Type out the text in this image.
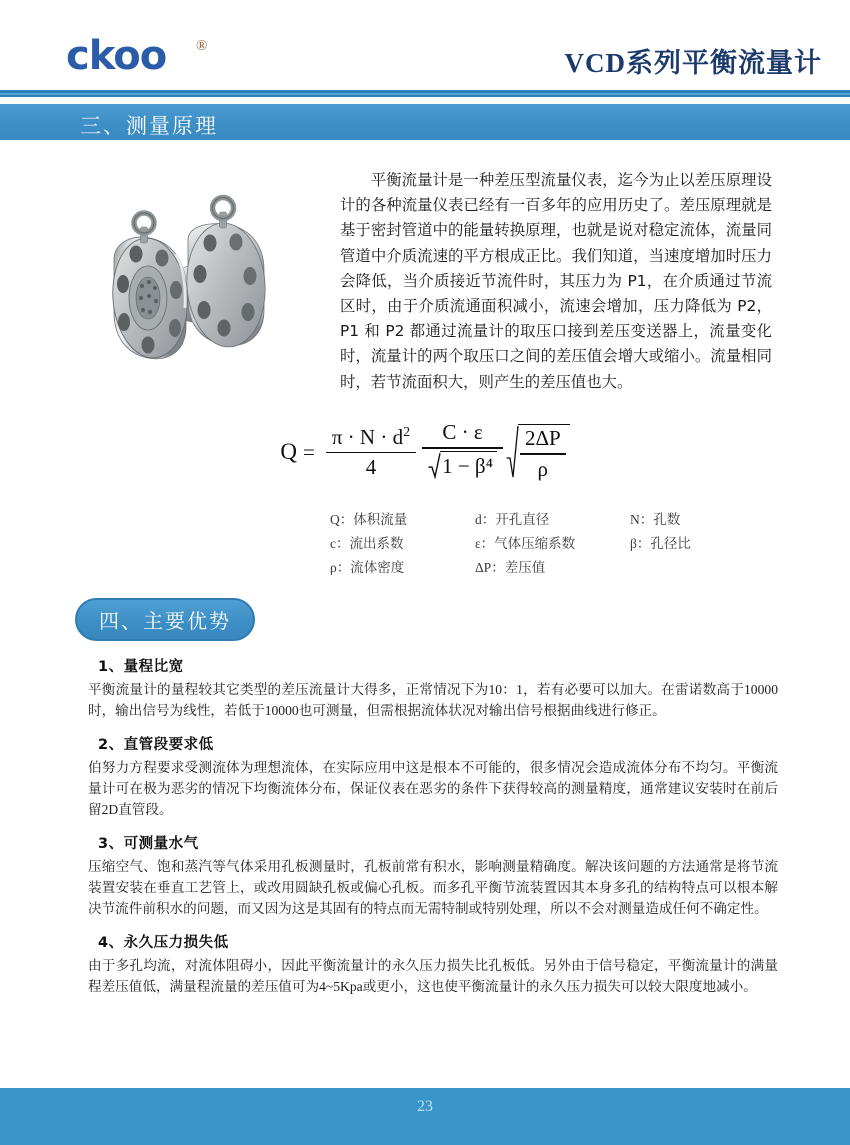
ckoo ®
VCD系列平衡流量计
三、测量原理
平衡流量计是一种差压型流量仪表，迄今为止以差压原理设计的各种流量仪表已经有一百多年的应用历史了。差压原理就是基于密封管道中的能量转换原理，也就是说对稳定流体，流量同管道中介质流速的平方根成正比。我们知道，当速度增加时压力会降低，当介质接近节流件时，其压力为 P1，在介质通过节流区时，由于介质流通面积减小，流速会增加，压力降低为 P2，P1 和 P2 都通过流量计的取压口接到差压变送器上，流量变化时，流量计的两个取压口之间的差压值会增大或缩小。流量相同时，若节流面积大，则产生的差压值也大。
$Q = \frac{\pi \cdot N \cdot d^2}{4} \frac{C \cdot \varepsilon}{\text{1 − β⁴}} \frac{2\Delta P}{\rho}$
Q：体积流量	d：开孔直径	N：孔数
c：流出系数	ε：气体压缩系数	β：孔径比
ρ：流体密度	ΔP：差压值
四、主要优势
1、量程比宽

平衡流量计的量程较其它类型的差压流量计大得多，正常情况下为10：1，若有必要可以加大。在雷诺数高于10000时，输出信号为线性，若低于10000也可测量，但需根据流体状况对输出信号根据曲线进行修正。

2、直管段要求低

伯努力方程要求受测流体为理想流体，在实际应用中这是根本不可能的，很多情况会造成流体分布不均匀。平衡流量计可在极为恶劣的情况下均衡流体分布，保证仪表在恶劣的条件下获得较高的测量精度，通常建议安装时在前后留2D直管段。

3、可测量水气

压缩空气、饱和蒸汽等气体采用孔板测量时，孔板前常有积水，影响测量精确度。解决该问题的方法通常是将节流装置安装在垂直工艺管上，或改用圆缺孔板或偏心孔板。而多孔平衡节流装置因其本身多孔的结构特点可以根本解决节流件前积水的问题，而又因为这是其固有的特点而无需特制或特别处理，所以不会对测量造成任何不确定性。

4、永久压力损失低

由于多孔均流，对流体阻碍小，因此平衡流量计的永久压力损失比孔板低。另外由于信号稳定，平衡流量计的满量程差压值低，满量程流量的差压值可为4~5Kpa或更小，这也使平衡流量计的永久压力损失可以较大限度地减小。

23
